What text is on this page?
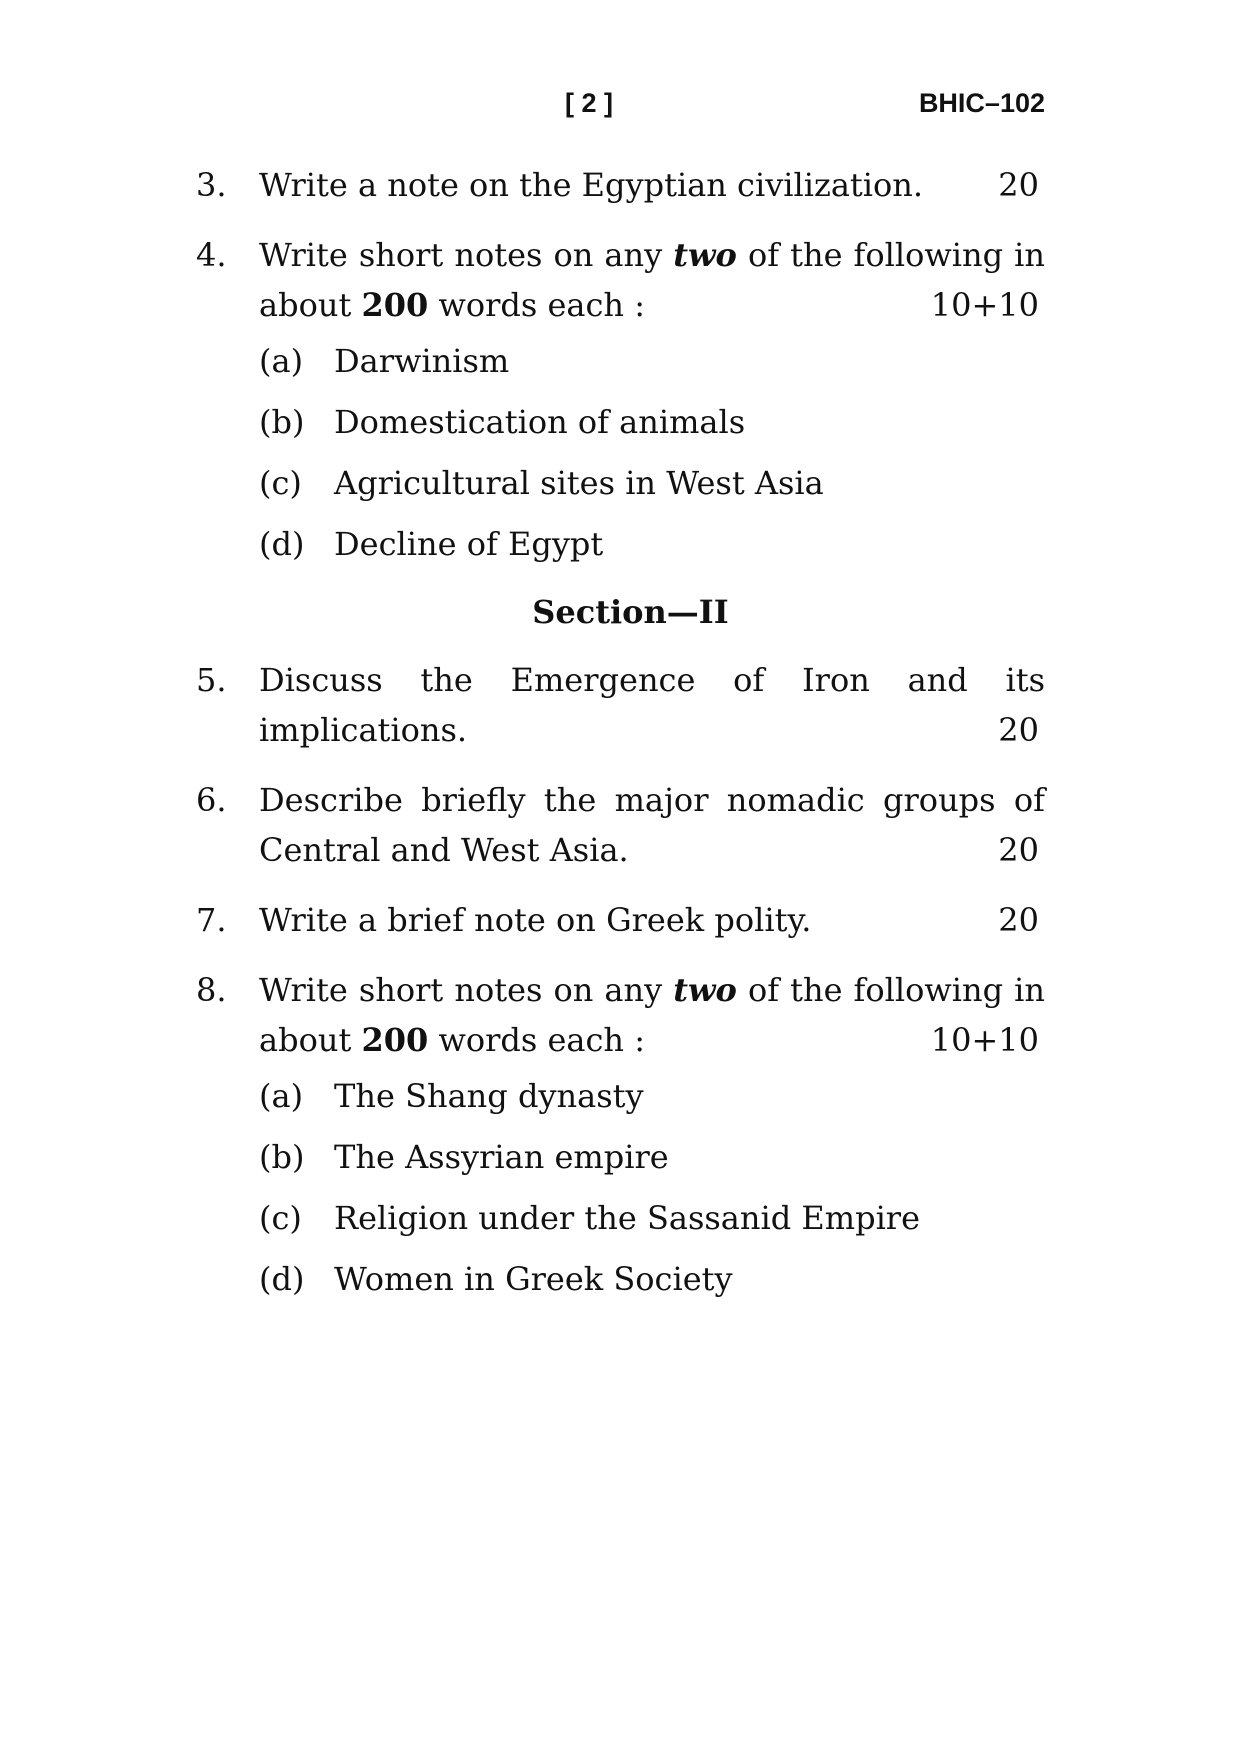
[ 2 ]	BHIC–102
3. Write a note on the Egyptian civilization. 20
4. Write short notes on any two of the following in
about 200 words each :	10+10
(a) Darwinism
(b) Domestication of animals
(c) Agricultural sites in West Asia
(d) Decline of Egypt
Section—II
5. Discuss the Emergence of Iron and its
implications.	20
6. Describe briefly the major nomadic groups of
Central and West Asia.	20
7. Write a brief note on Greek polity.	20
8. Write short notes on any two of the following in
about 200 words each :	10+10
(a) The Shang dynasty
(b) The Assyrian empire
(c) Religion under the Sassanid Empire
(d) Women in Greek Society
